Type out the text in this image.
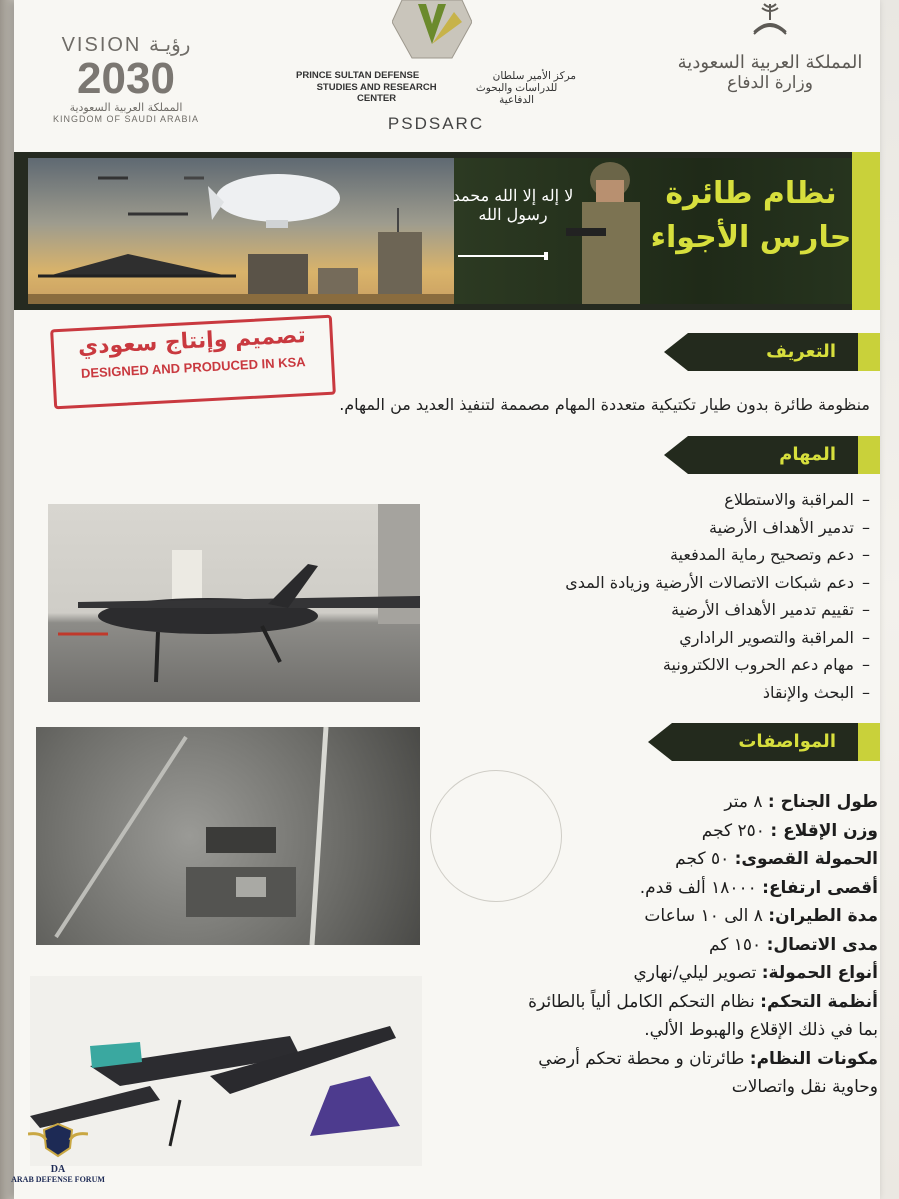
VISION رؤيـة
2030
المملكة العربية السعودية
KINGDOM OF SAUDI ARABIA
PRINCE SULTAN DEFENSE	مركز الأمير سلطان
STUDIES AND RESEARCH CENTER
للدراسات والبحوث الدفاعية
PSDSARC
المملكة العربية السعودية
وزارة الدفاع
لا إله إلا الله محمد رسول الله
نظام طائرة
حارس الأجواء
تصميم وإنتاج سعودي
DESIGNED AND PRODUCED IN KSA
التعريف
منظومة طائرة بدون طيار تكتيكية متعددة المهام مصممة لتنفيذ العديد من المهام.
المهام
–المراقبة والاستطلاع
–تدمير الأهداف الأرضية
–دعم وتصحيح رماية المدفعية
–دعم شبكات الاتصالات الأرضية وزيادة المدى
–تقييم تدمير الأهداف الأرضية
–المراقبة والتصوير الراداري
–مهام دعم الحروب الالكترونية
–البحث والإنقاذ
المواصفات
طول الجناح : ٨ متر
وزن الإقلاع : ٢٥٠ كجم
الحمولة القصوى: ٥٠ كجم
أقصى ارتفاع: ١٨٠٠٠ ألف قدم.
مدة الطيران: ٨ الى ١٠ ساعات
مدى الاتصال: ١٥٠ كم
أنواع الحمولة: تصوير ليلي/نهاري
أنظمة التحكم: نظام التحكم الكامل ألياً بالطائرة
بما في ذلك الإقلاع والهبوط الألي.
مكونات النظام: طائرتان و محطة تحكم أرضي
وحاوية نقل واتصالات
DA
ARAB DEFENSE FORUM
